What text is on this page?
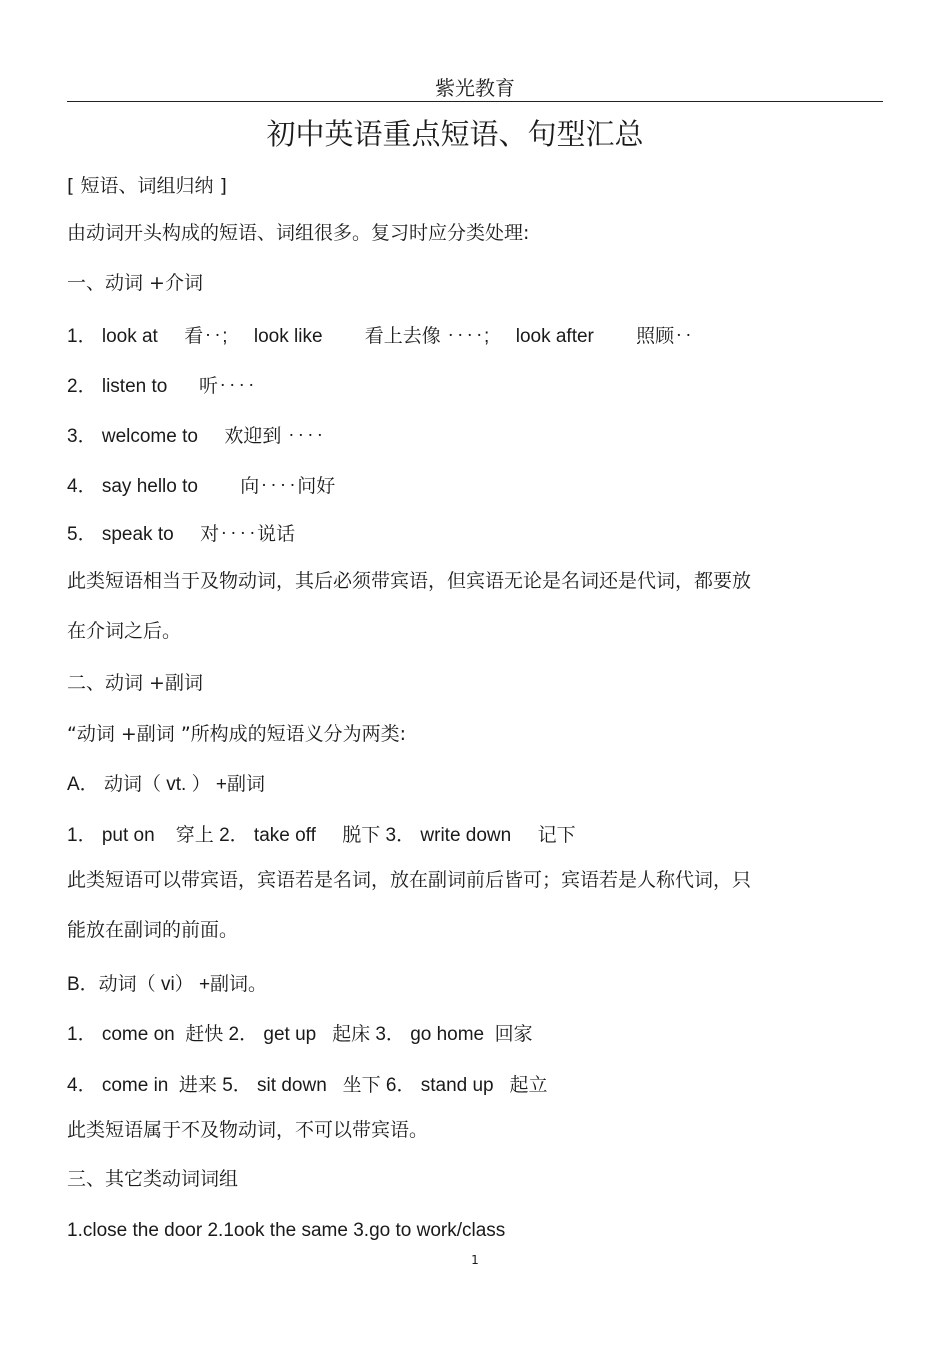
紫光教育
初中英语重点短语、句型汇总
[ 短语、词组归纳 ]
由动词开头构成的短语、词组很多。复习时应分类处理:
一、动词 +介词
1． look at     看‥;     look like        看上去像 ‥‥;     look after        照顾‥
2． listen to      听‥‥
3． welcome to     欢迎到 ‥‥
4． say hello to        向‥‥问好
5． speak to     对‥‥说话
此类短语相当于及物动词，其后必须带宾语，但宾语无论是名词还是代词，都要放
在介词之后。
二、动词 +副词
“动词 +副词 ”所构成的短语义分为两类:
A． 动词（ vt. ） +副词
1． put on    穿上 2． take off     脱下 3． write down     记下
此类短语可以带宾语，宾语若是名词，放在副词前后皆可；宾语若是人称代词，只
能放在副词的前面。
B．动词（ vi） +副词。
1． come on  赶快 2． get up   起床 3． go home  回家
4． come in  进来 5． sit down   坐下 6． stand up   起立
此类短语属于不及物动词，不可以带宾语。
三、其它类动词词组
1.close the door 2.1ook the same 3.go to work/class
1
